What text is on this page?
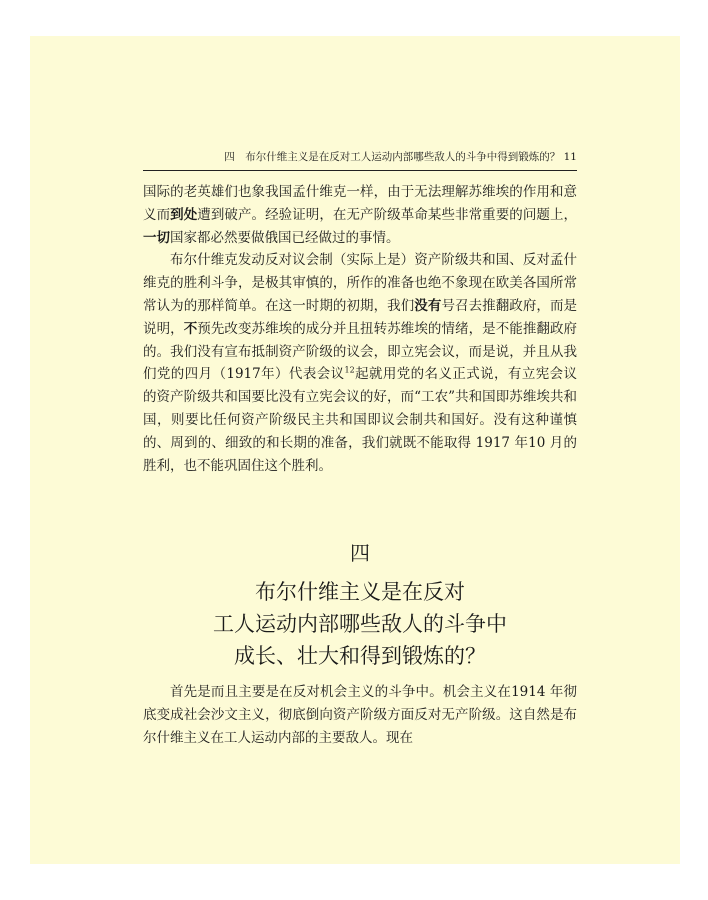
四　布尔什维主义是在反对工人运动内部哪些敌人的斗争中得到锻炼的？ 11

国际的老英雄们也象我国孟什维克一样，由于无法理解苏维埃的作用和意义而到处遭到破产。经验证明，在无产阶级革命某些非常重要的问题上，一切国家都必然要做俄国已经做过的事情。

布尔什维克发动反对议会制（实际上是）资产阶级共和国、反对孟什维克的胜利斗争，是极其审慎的，所作的准备也绝不象现在欧美各国所常常认为的那样简单。在这一时期的初期，我们没有号召去推翻政府，而是说明，不预先改变苏维埃的成分并且扭转苏维埃的情绪，是不能推翻政府的。我们没有宣布抵制资产阶级的议会，即立宪会议，而是说，并且从我们党的四月（1917年）代表会议$^{12}$起就用党的名义正式说，有立宪会议的资产阶级共和国要比没有立宪会议的好，而“工农”共和国即苏维埃共和国，则要比任何资产阶级民主共和国即议会制共和国好。没有这种谨慎的、周到的、细致的和长期的准备，我们就既不能取得 1917 年10 月的胜利，也不能巩固住这个胜利。

四
布尔什维主义是在反对
工人运动内部哪些敌人的斗争中
成长、壮大和得到锻炼的？

首先是而且主要是在反对机会主义的斗争中。机会主义在1914 年彻底变成社会沙文主义，彻底倒向资产阶级方面反对无产阶级。这自然是布尔什维主义在工人运动内部的主要敌人。现在
